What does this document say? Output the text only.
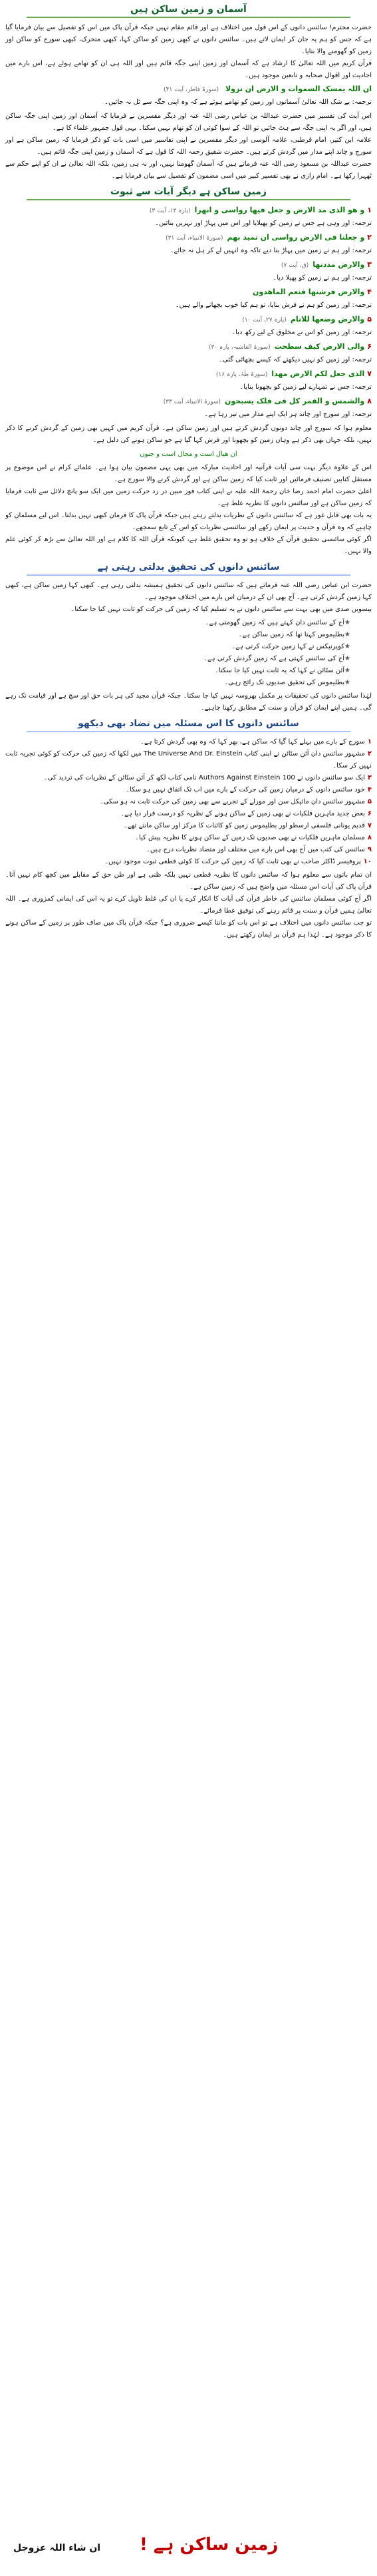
آسمان و زمین ساکن ہیں

حضرت محترم! سائنس دانوں کے اس قول میں اختلاف ہے اور قائم مقام نہیں جبکہ قرآن پاک میں اس کو تفصیل سے بیان فرمایا گیا ہے کہ جس کو ہم یہ جان کر ایمان لاتے ہیں۔ سائنس دانوں نے کبھی زمین کو ساکن کہا، کبھی متحرک، کبھی سورج کو ساکن اور زمین کو گھومنے والا بتایا۔

قرآن کریم میں اللہ تعالیٰ کا ارشاد ہے کہ آسمان اور زمین اپنی جگہ قائم ہیں اور اللہ ہی ان کو تھامے ہوئے ہے، اس بارے میں احادیث اور اقوال صحابہ و تابعین موجود ہیں۔

ان اللہ یمسک السموات و الارض ان تزولا (سورۃ فاطر، آیت ۴۱)
ترجمہ: بے شک اللہ تعالیٰ آسمانوں اور زمین کو تھامے ہوئے ہے کہ وہ اپنی جگہ سے ٹل نہ جائیں۔

اس آیت کی تفسیر میں حضرت عبداللہ بن عباس رضی اللہ عنہ اور دیگر مفسرین نے فرمایا کہ آسمان اور زمین اپنی جگہ ساکن ہیں، اور اگر یہ اپنی جگہ سے ہٹ جائیں تو اللہ کے سوا کوئی ان کو تھام نہیں سکتا۔ یہی قول جمہور علماء کا ہے۔

علامہ ابن کثیر، امام قرطبی، علامہ آلوسی اور دیگر مفسرین نے اپنی تفاسیر میں اسی بات کو ذکر فرمایا کہ زمین ساکن ہے اور سورج و چاند اپنے مدار میں گردش کرتے ہیں۔ حضرت شقیق رحمہ اللہ کا قول ہے کہ آسمان و زمین اپنی جگہ قائم ہیں۔

حضرت عبداللہ بن مسعود رضی اللہ عنہ فرماتے ہیں کہ آسمان گھومتا نہیں، اور نہ ہی زمین، بلکہ اللہ تعالیٰ نے ان کو اپنے حکم سے ٹھہرا رکھا ہے۔ امام رازی نے بھی تفسیر کبیر میں اسی مضمون کو تفصیل سے بیان فرمایا ہے۔

زمین ساکن ہے دیگر آیات سے ثبوت
۱و ھو الذی مد الارض و جعل فیھا رواسی و انھرا(پارہ ۱۳، آیت ۳)
ترجمہ: اور وہی ہے جس نے زمین کو پھیلایا اور اس میں پہاڑ اور نہریں بنائیں۔
۲و جعلنا فی الارض رواسی ان تمید بھم(سورۃ الانبیاء، آیت ۳۱)
ترجمہ: اور ہم نے زمین میں پہاڑ بنا دیے تاکہ وہ انہیں لے کر ہل نہ جائے۔
۳والارض مددنھا(ق، آیت ۷)
ترجمہ: اور ہم نے زمین کو پھیلا دیا۔
۴والارض فرشنھا فنعم الماھدون
ترجمہ: اور زمین کو ہم نے فرش بنایا، تو ہم کیا خوب بچھانے والے ہیں۔
۵والارض وضعھا للانام(پارہ ۲۷، آیت ۱۰)
ترجمہ: اور زمین کو اس نے مخلوق کے لیے رکھ دیا۔
۶والی الارض کیف سطحت(سورۃ الغاشیہ، پارہ ۳۰)
ترجمہ: اور زمین کو نہیں دیکھتے کہ کیسے بچھائی گئی۔
۷الذی جعل لکم الارض مھدا(سورۃ طٰہٰ، پارہ ۱۶)
ترجمہ: جس نے تمہارے لیے زمین کو بچھونا بنایا۔
۸والشمس و القمر کل فی فلک یسبحون(سورۃ الانبیاء، آیت ۳۳)
ترجمہ: اور سورج اور چاند ہر ایک اپنے مدار میں تیر رہا ہے۔

معلوم ہوا کہ سورج اور چاند دونوں گردش کرتے ہیں اور زمین ساکن ہے۔ قرآن کریم میں کہیں بھی زمین کے گردش کرنے کا ذکر نہیں، بلکہ جہاں بھی ذکر ہے وہاں زمین کو بچھونا اور فرش کہا گیا ہے جو ساکن ہونے کی دلیل ہے۔

ان ھیال است و محال است و جنوں

اس کے علاوہ دیگر بہت سی آیات قرآنیہ اور احادیث مبارکہ میں بھی یہی مضمون بیان ہوا ہے۔ علمائے کرام نے اس موضوع پر مستقل کتابیں تصنیف فرمائیں اور ثابت کیا کہ زمین ساکن ہے اور گردش کرنے والا سورج ہے۔

اعلیٰ حضرت امام احمد رضا خان رحمۃ اللہ علیہ نے اپنی کتاب فوز مبین در رد حرکت زمین میں ایک سو پانچ دلائل سے ثابت فرمایا کہ زمین ساکن ہے اور سائنس دانوں کا نظریہ غلط ہے۔

یہ بات بھی قابل غور ہے کہ سائنس دانوں کے نظریات بدلتے رہتے ہیں جبکہ قرآن پاک کا فرمان کبھی نہیں بدلتا۔ اس لیے مسلمان کو چاہیے کہ وہ قرآن و حدیث پر ایمان رکھے اور سائنسی نظریات کو اس کے تابع سمجھے۔

اگر کوئی سائنسی تحقیق قرآن کے خلاف ہو تو وہ تحقیق غلط ہے، کیونکہ قرآن اللہ کا کلام ہے اور اللہ تعالیٰ سے بڑھ کر کوئی علم والا نہیں۔

سائنس دانوں کی تحقیق بدلتی رہتی ہے

حضرت ابن عباس رضی اللہ عنہ فرماتے ہیں کہ سائنس دانوں کی تحقیق ہمیشہ بدلتی رہی ہے۔ کبھی کہا زمین ساکن ہے، کبھی کہا زمین گردش کرتی ہے۔ آج بھی ان کے درمیان اس بارے میں اختلاف موجود ہے۔

بیسویں صدی میں بھی بہت سے سائنس دانوں نے یہ تسلیم کیا کہ زمین کی حرکت کو ثابت نہیں کیا جا سکتا۔

★ آج کے سائنس دان کہتے ہیں کہ زمین گھومتی ہے۔
★ بطلیموس کہتا تھا کہ زمین ساکن ہے۔
★ کوپرنیکس نے کہا زمین حرکت کرتی ہے۔
★ آج کی سائنس کہتی ہے کہ زمین گردش کرتی ہے۔
★ آئن سٹائن نے کہا کہ یہ ثابت نہیں کیا جا سکتا۔
★ بطلیموس کی تحقیق صدیوں تک رائج رہی۔

لہٰذا سائنس دانوں کی تحقیقات پر مکمل بھروسہ نہیں کیا جا سکتا۔ جبکہ قرآن مجید کی ہر بات حق اور سچ ہے اور قیامت تک رہے گی۔ ہمیں اپنے ایمان کو قرآن و سنت کے مطابق رکھنا چاہیے۔

سائنس دانوں کا اس مسئلہ میں تضاد بھی دیکھو
۱سورج کے بارے میں پہلے کہا گیا کہ ساکن ہے، پھر کہا کہ وہ بھی گردش کرتا ہے۔
۲مشہور سائنس دان آئن سٹائن نے اپنی کتاب The Universe And Dr. Einstein میں لکھا کہ زمین کی حرکت کو کوئی تجربہ ثابت نہیں کر سکا۔
۳ایک سو سائنس دانوں نے 100 Authors Against Einstein نامی کتاب لکھ کر آئن سٹائن کے نظریات کی تردید کی۔
۴خود سائنس دانوں کے درمیان زمین کی حرکت کے بارے میں اب تک اتفاق نہیں ہو سکا۔
۵مشہور سائنس دان مائیکل سن اور مورلے کے تجربے سے بھی زمین کی حرکت ثابت نہ ہو سکی۔
۶بعض جدید ماہرین فلکیات نے بھی زمین کے ساکن ہونے کے نظریہ کو درست قرار دیا ہے۔
۷قدیم یونانی فلسفی ارسطو اور بطلیموس زمین کو کائنات کا مرکز اور ساکن مانتے تھے۔
۸مسلمان ماہرین فلکیات نے بھی صدیوں تک زمین کے ساکن ہونے کا نظریہ پیش کیا۔
۹سائنس کی کتب میں آج بھی اس بارے میں مختلف اور متضاد نظریات درج ہیں۔
۱۰پروفیسر ڈاکٹر صاحب نے بھی ثابت کیا کہ زمین کی حرکت کا کوئی قطعی ثبوت موجود نہیں۔

ان تمام باتوں سے معلوم ہوا کہ سائنس دانوں کا نظریہ قطعی نہیں بلکہ ظنی ہے اور ظن حق کے مقابلے میں کچھ کام نہیں آتا۔ قرآن پاک کی آیات اس مسئلہ میں واضح ہیں کہ زمین ساکن ہے۔

اگر آج کوئی مسلمان سائنس کی خاطر قرآن کی آیات کا انکار کرے یا ان کی غلط تاویل کرے تو یہ اس کی ایمانی کمزوری ہے۔ اللہ تعالیٰ ہمیں قرآن و سنت پر قائم رہنے کی توفیق عطا فرمائے۔

تو جب سائنس دانوں میں اختلاف ہے تو اس بات کو ماننا کیسے ضروری ہے؟ جبکہ قرآن پاک میں صاف طور پر زمین کے ساکن ہونے کا ذکر موجود ہے۔ لہٰذا ہم قرآن پر ایمان رکھتے ہیں۔

زمین ساکن ہے !
ان شاء اللہ عزوجل
